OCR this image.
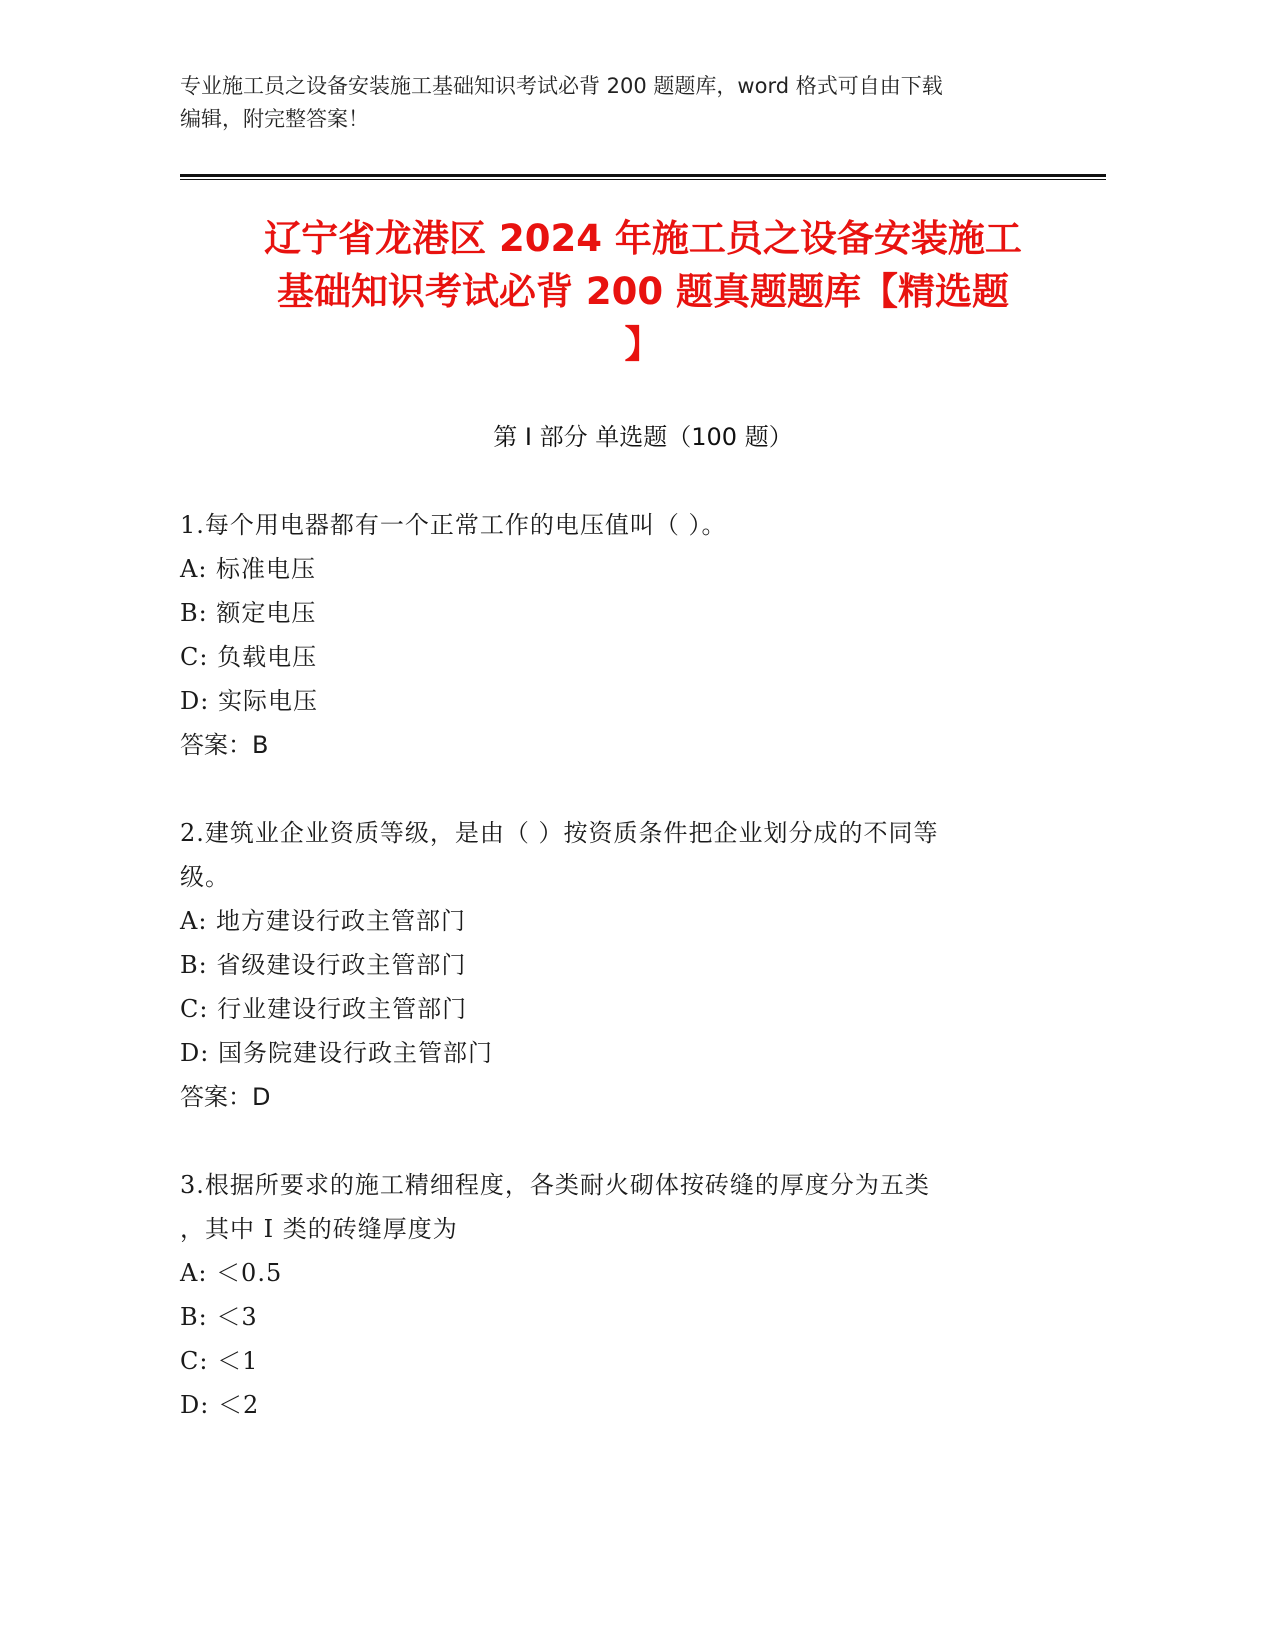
专业施工员之设备安装施工基础知识考试必背 200 题题库，word 格式可自由下载
编辑，附完整答案！
辽宁省龙港区 2024 年施工员之设备安装施工
基础知识考试必背 200 题真题题库【精选题
】
第 I 部分 单选题（100 题）
1.每个用电器都有一个正常工作的电压值叫（ ）。
A: 标准电压
B: 额定电压
C: 负载电压
D: 实际电压
答案：B
2.建筑业企业资质等级，是由（ ）按资质条件把企业划分成的不同等
级。
A: 地方建设行政主管部门
B: 省级建设行政主管部门
C: 行业建设行政主管部门
D: 国务院建设行政主管部门
答案：D
3.根据所要求的施工精细程度，各类耐火砌体按砖缝的厚度分为五类
，其中 I 类的砖缝厚度为
A: ＜0.5
B: ＜3
C: ＜1
D: ＜2
